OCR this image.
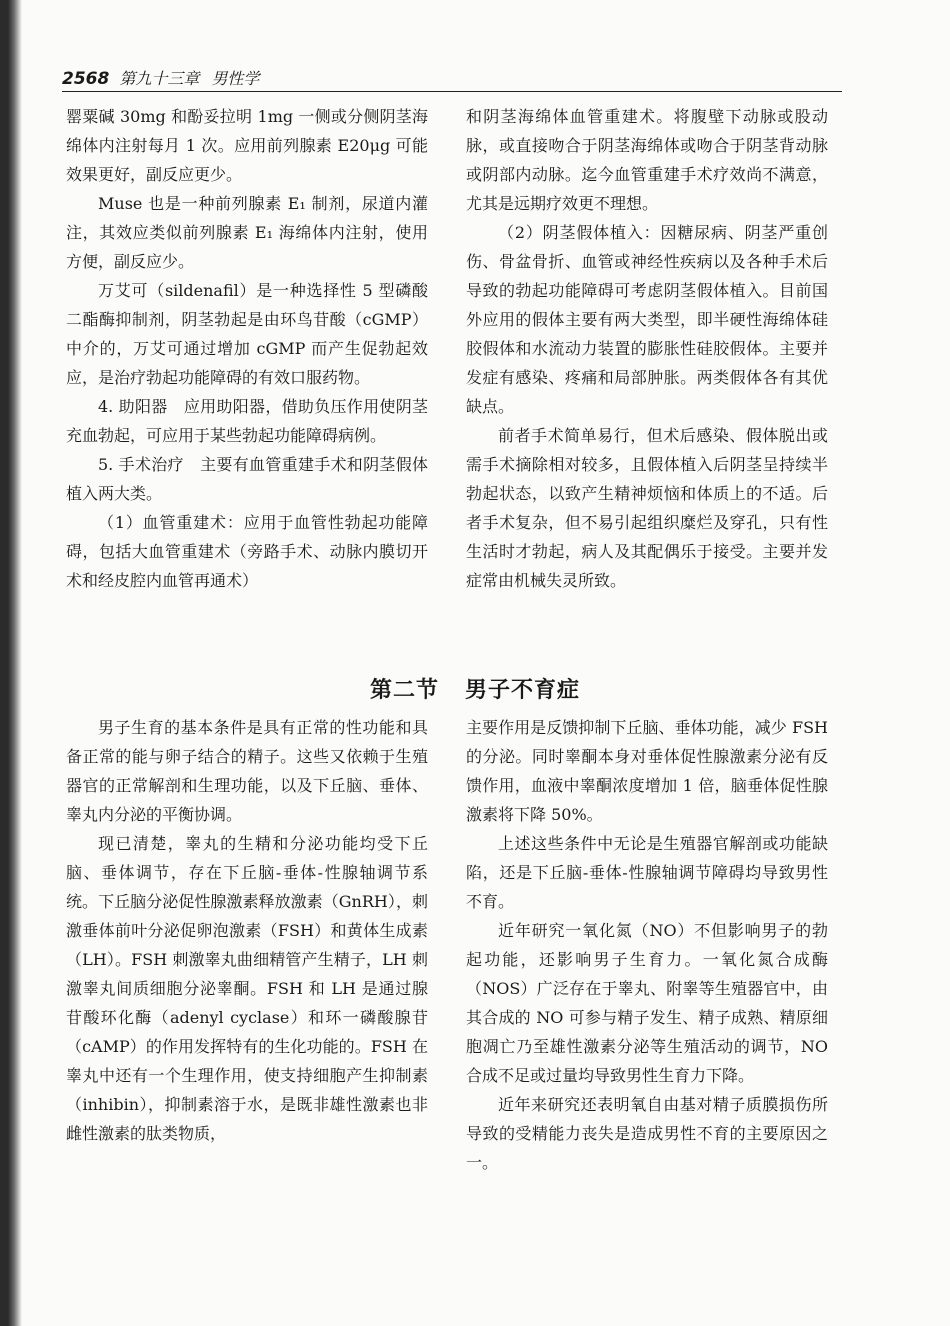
2568 第九十三章 男性学

罂粟碱 30mg 和酚妥拉明 1mg 一侧或分侧阴茎海绵体内注射每月 1 次。应用前列腺素 E20μg 可能效果更好，副反应更少。

Muse 也是一种前列腺素 E₁ 制剂，尿道内灌注，其效应类似前列腺素 E₁ 海绵体内注射，使用方便，副反应少。

万艾可（sildenafil）是一种选择性 5 型磷酸二酯酶抑制剂，阴茎勃起是由环鸟苷酸（cGMP）中介的，万艾可通过增加 cGMP 而产生促勃起效应，是治疗勃起功能障碍的有效口服药物。

4. 助阳器　应用助阳器，借助负压作用使阴茎充血勃起，可应用于某些勃起功能障碍病例。

5. 手术治疗　主要有血管重建手术和阴茎假体植入两大类。

（1）血管重建术：应用于血管性勃起功能障碍，包括大血管重建术（旁路手术、动脉内膜切开术和经皮腔内血管再通术）

和阴茎海绵体血管重建术。将腹壁下动脉或股动脉，或直接吻合于阴茎海绵体或吻合于阴茎背动脉或阴部内动脉。迄今血管重建手术疗效尚不满意，尤其是远期疗效更不理想。

（2）阴茎假体植入：因糖尿病、阴茎严重创伤、骨盆骨折、血管或神经性疾病以及各种手术后导致的勃起功能障碍可考虑阴茎假体植入。目前国外应用的假体主要有两大类型，即半硬性海绵体硅胶假体和水流动力装置的膨胀性硅胶假体。主要并发症有感染、疼痛和局部肿胀。两类假体各有其优缺点。

前者手术简单易行，但术后感染、假体脱出或需手术摘除相对较多，且假体植入后阴茎呈持续半勃起状态，以致产生精神烦恼和体质上的不适。后者手术复杂，但不易引起组织糜烂及穿孔，只有性生活时才勃起，病人及其配偶乐于接受。主要并发症常由机械失灵所致。

第二节 男子不育症

男子生育的基本条件是具有正常的性功能和具备正常的能与卵子结合的精子。这些又依赖于生殖器官的正常解剖和生理功能，以及下丘脑、垂体、睾丸内分泌的平衡协调。

现已清楚，睾丸的生精和分泌功能均受下丘脑、垂体调节，存在下丘脑-垂体-性腺轴调节系统。下丘脑分泌促性腺激素释放激素（GnRH），刺激垂体前叶分泌促卵泡激素（FSH）和黄体生成素（LH）。FSH 刺激睾丸曲细精管产生精子，LH 刺激睾丸间质细胞分泌睾酮。FSH 和 LH 是通过腺苷酸环化酶（adenyl cyclase）和环一磷酸腺苷（cAMP）的作用发挥特有的生化功能的。FSH 在睾丸中还有一个生理作用，使支持细胞产生抑制素（inhibin），抑制素溶于水，是既非雄性激素也非雌性激素的肽类物质，

主要作用是反馈抑制下丘脑、垂体功能，减少 FSH 的分泌。同时睾酮本身对垂体促性腺激素分泌有反馈作用，血液中睾酮浓度增加 1 倍，脑垂体促性腺激素将下降 50%。

上述这些条件中无论是生殖器官解剖或功能缺陷，还是下丘脑-垂体-性腺轴调节障碍均导致男性不育。

近年研究一氧化氮（NO）不但影响男子的勃起功能，还影响男子生育力。一氧化氮合成酶（NOS）广泛存在于睾丸、附睾等生殖器官中，由其合成的 NO 可参与精子发生、精子成熟、精原细胞凋亡乃至雄性激素分泌等生殖活动的调节，NO 合成不足或过量均导致男性生育力下降。

近年来研究还表明氧自由基对精子质膜损伤所导致的受精能力丧失是造成男性不育的主要原因之一。
